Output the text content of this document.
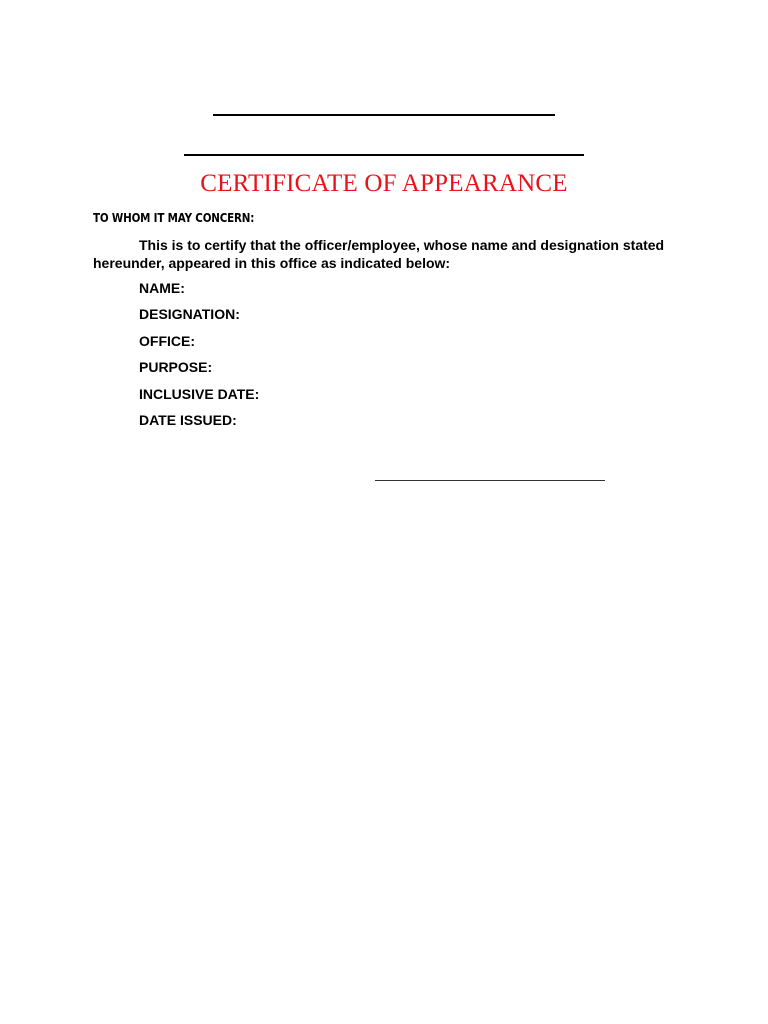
CERTIFICATE OF APPEARANCE
TO WHOM IT MAY CONCERN:
This is to certify that the officer/employee, whose name and designation stated
hereunder, appeared in this office as indicated below:
NAME:
DESIGNATION:
OFFICE:
PURPOSE:
INCLUSIVE DATE:
DATE ISSUED:
